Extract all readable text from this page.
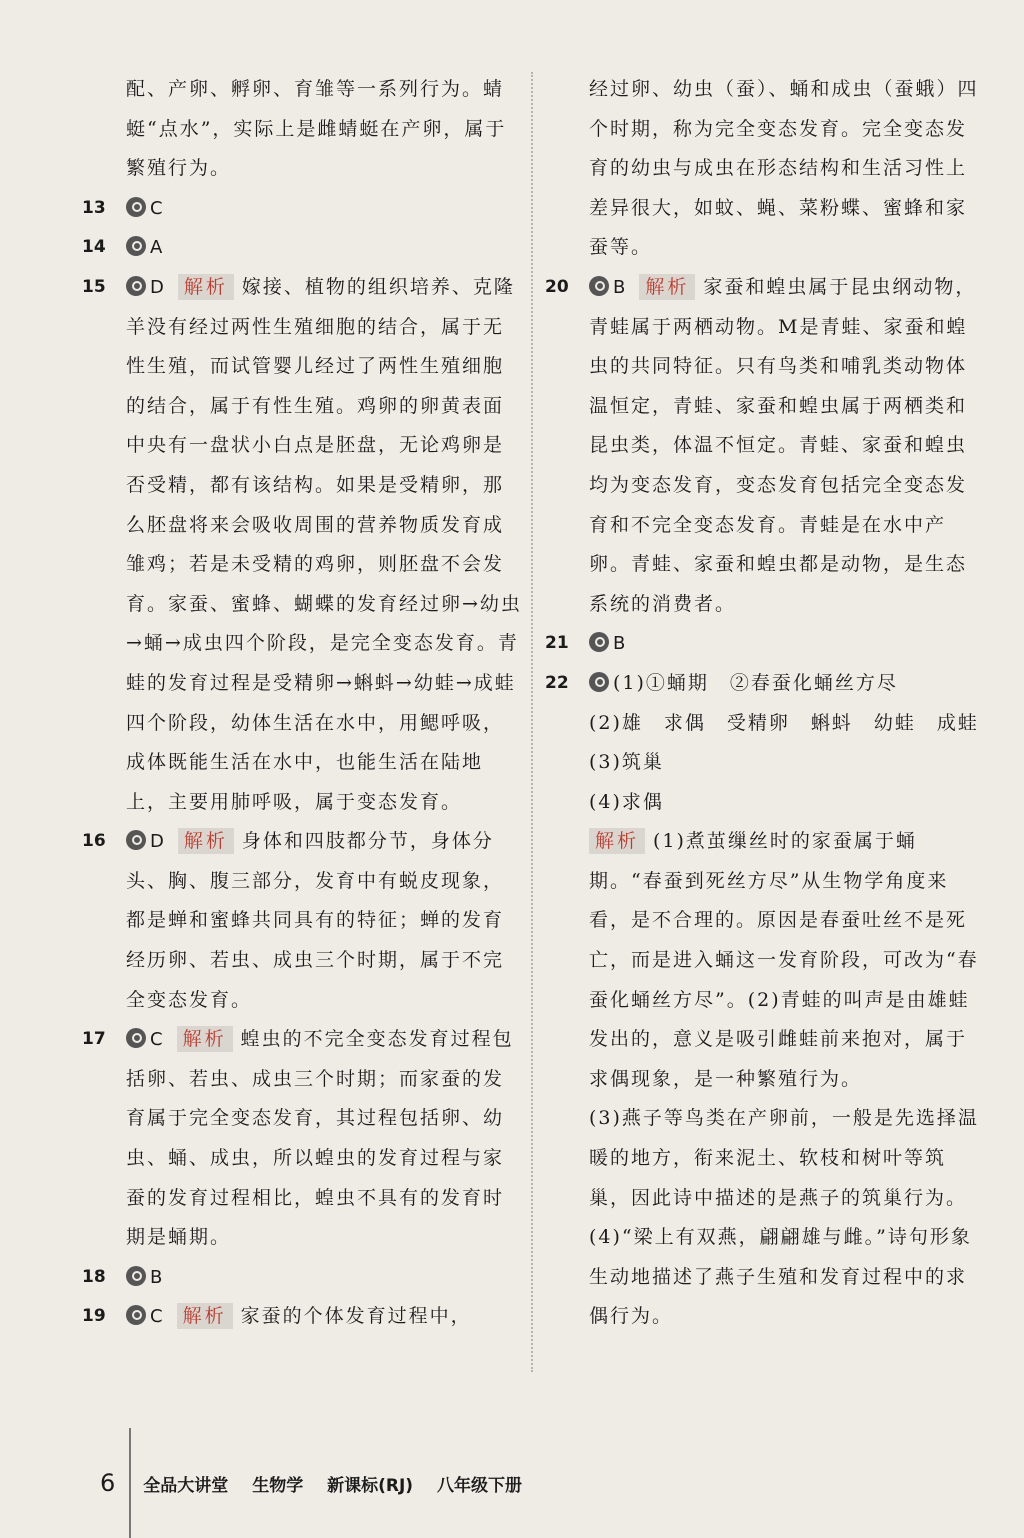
配、产卵、孵卵、育雏等一系列行为。蜻蜓“点水”，实际上是雌蜻蜓在产卵，属于繁殖行为。
13	C
14	A
15	D 解析 嫁接、植物的组织培养、克隆羊没有经过两性生殖细胞的结合，属于无性生殖，而试管婴儿经过了两性生殖细胞的结合，属于有性生殖。鸡卵的卵黄表面中央有一盘状小白点是胚盘，无论鸡卵是否受精，都有该结构。如果是受精卵，那么胚盘将来会吸收周围的营养物质发育成雏鸡；若是未受精的鸡卵，则胚盘不会发育。家蚕、蜜蜂、蝴蝶的发育经过卵→幼虫→蛹→成虫四个阶段，是完全变态发育。青蛙的发育过程是受精卵→蝌蚪→幼蛙→成蛙四个阶段，幼体生活在水中，用鳃呼吸，成体既能生活在水中，也能生活在陆地上，主要用肺呼吸，属于变态发育。
16	D 解析 身体和四肢都分节，身体分头、胸、腹三部分，发育中有蜕皮现象，都是蝉和蜜蜂共同具有的特征；蝉的发育经历卵、若虫、成虫三个时期，属于不完全变态发育。
17	C 解析 蝗虫的不完全变态发育过程包括卵、若虫、成虫三个时期；而家蚕的发育属于完全变态发育，其过程包括卵、幼虫、蛹、成虫，所以蝗虫的发育过程与家蚕的发育过程相比，蝗虫不具有的发育时期是蛹期。
18	B
19	C 解析 家蚕的个体发育过程中，
经过卵、幼虫（蚕）、蛹和成虫（蚕蛾）四个时期，称为完全变态发育。完全变态发育的幼虫与成虫在形态结构和生活习性上差异很大，如蚊、蝇、菜粉蝶、蜜蜂和家蚕等。
20	B 解析 家蚕和蝗虫属于昆虫纲动物，青蛙属于两栖动物。M是青蛙、家蚕和蝗虫的共同特征。只有鸟类和哺乳类动物体温恒定，青蛙、家蚕和蝗虫属于两栖类和昆虫类，体温不恒定。青蛙、家蚕和蝗虫均为变态发育，变态发育包括完全变态发育和不完全变态发育。青蛙是在水中产卵。青蛙、家蚕和蝗虫都是动物，是生态系统的消费者。
21	B
22	(1)①蛹期　②春蚕化蛹丝方尽
(2)雄　求偶　受精卵　蝌蚪　幼蛙　成蛙
(3)筑巢
(4)求偶
解析 (1)煮茧缫丝时的家蚕属于蛹期。“春蚕到死丝方尽”从生物学角度来看，是不合理的。原因是春蚕吐丝不是死亡，而是进入蛹这一发育阶段，可改为“春蚕化蛹丝方尽”。(2)青蛙的叫声是由雄蛙发出的，意义是吸引雌蛙前来抱对，属于求偶现象，是一种繁殖行为。
(3)燕子等鸟类在产卵前，一般是先选择温暖的地方，衔来泥土、软枝和树叶等筑巢，因此诗中描述的是燕子的筑巢行为。
(4)“梁上有双燕，翩翩雄与雌。”诗句形象生动地描述了燕子生殖和发育过程中的求偶行为。
6 全品大讲堂 生物学 新课标(RJ) 八年级下册
